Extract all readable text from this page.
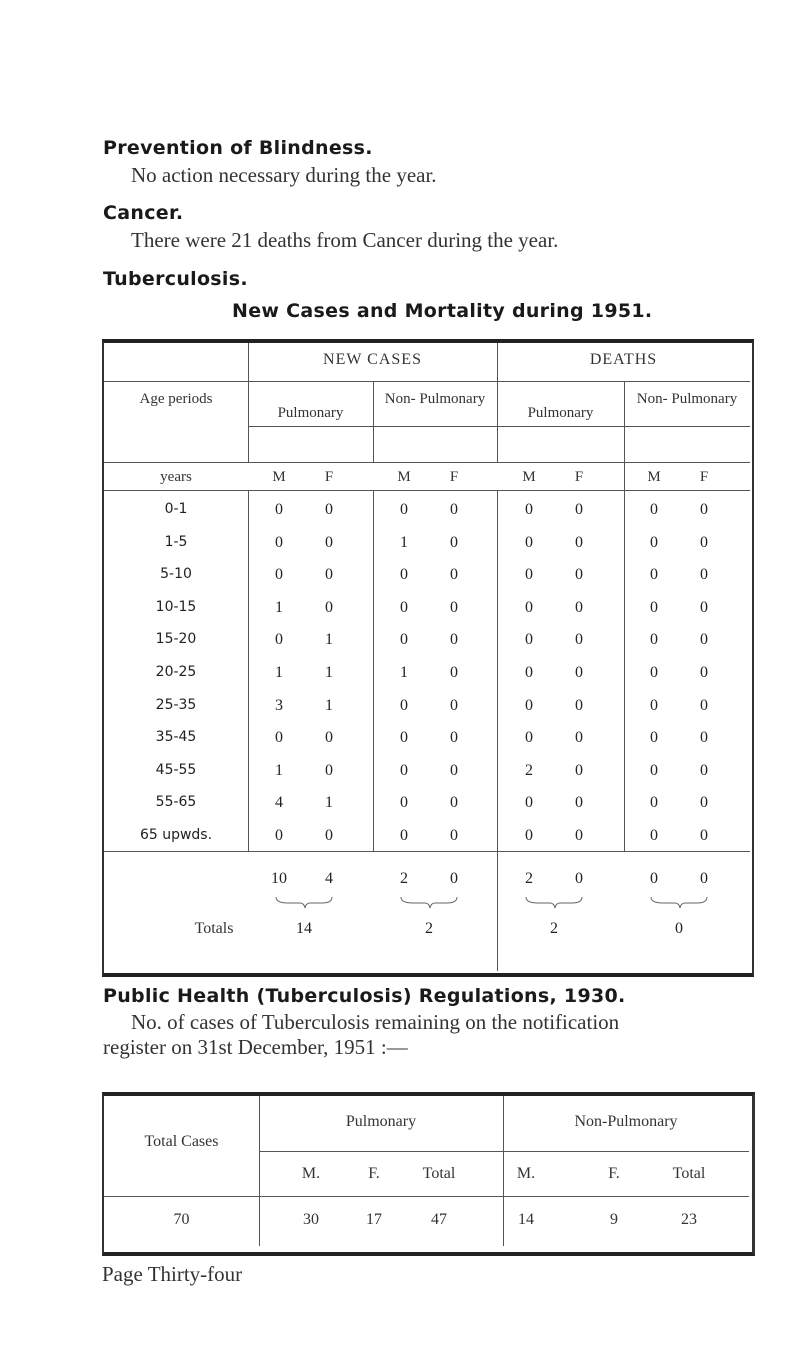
Prevention of Blindness.
No action necessary during the year.
Cancer.
There were 21 deaths from Cancer during the year.
Tuberculosis.
New Cases and Mortality during 1951.
NEW CASES	DEATHS
Age periods
Pulmonary
Non- Pulmonary
Pulmonary
Non- Pulmonary
years	M	F	M	F	M	F	M	F
0-1	0	0	0	0	0	0	0	0
1-5	0	0	1	0	0	0	0	0
5-10	0	0	0	0	0	0	0	0
10-15	1	0	0	0	0	0	0	0
15-20	0	1	0	0	0	0	0	0
20-25	1	1	1	0	0	0	0	0
25-35	3	1	0	0	0	0	0	0
35-45	0	0	0	0	0	0	0	0
45-55	1	0	0	0	2	0	0	0
55-65	4	1	0	0	0	0	0	0
65 upwds.	0	0	0	0	0	0	0	0
10	4	2	0	2	0	0	0
Totals	14	2	2	0
Public Health (Tuberculosis) Regulations, 1930.
No. of cases of Tuberculosis remaining on the notification
register on 31st December, 1951 :—
Total Cases
Pulmonary	Non-Pulmonary
M.	F.	Total	M.	F.	Total
70	30	17	47	14	9	23
Page Thirty-four
